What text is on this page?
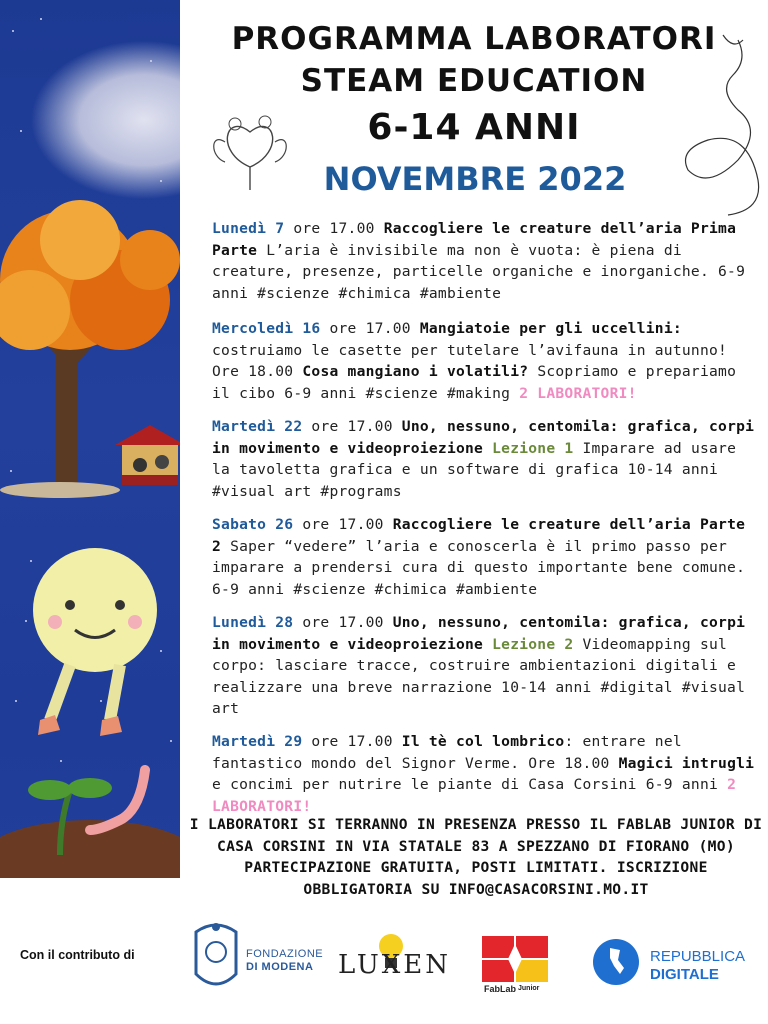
PROGRAMMA LABORATORI
STEAM EDUCATION
6-14 ANNI
NOVEMBRE 2022
Lunedì 7 ore 17.00 Raccogliere le creature dell’aria Prima Parte L’aria è invisibile ma non è vuota: è piena di creature, presenze, particelle organiche e inorganiche. 6-9 anni #scienze #chimica #ambiente
Mercoledì 16 ore 17.00 Mangiatoie per gli uccellini: costruiamo le casette per tutelare l’avifauna in autunno! Ore 18.00 Cosa mangiano i volatili? Scopriamo e prepariamo il cibo 6-9 anni #scienze #making 2 LABORATORI!
Martedì 22 ore 17.00 Uno, nessuno, centomila: grafica, corpi in movimento e videoproiezione Lezione 1 Imparare ad usare la tavoletta grafica e un software di grafica 10-14 anni #visual art #programs
Sabato 26 ore 17.00 Raccogliere le creature dell’aria Parte 2 Saper “vedere” l’aria e conoscerla è il primo passo per imparare a prendersi cura di questo importante bene comune. 6-9 anni #scienze #chimica #ambiente
Lunedì 28 ore 17.00 Uno, nessuno, centomila: grafica, corpi in movimento e videoproiezione Lezione 2 Videomapping sul corpo: lasciare tracce, costruire ambientazioni digitali e realizzare una breve narrazione 10-14 anni #digital #visual art
Martedì 29 ore 17.00 Il tè col lombrico: entrare nel fantastico mondo del Signor Verme. Ore 18.00 Magici intrugli e concimi per nutrire le piante di Casa Corsini 6-9 anni 2 LABORATORI!
I LABORATORI SI TERRANNO IN PRESENZA PRESSO IL FABLAB JUNIOR DI CASA CORSINI IN VIA STATALE 83 A SPEZZANO DI FIORANO (MO) PARTECIPAZIONE GRATUITA, POSTI LIMITATI. ISCRIZIONE OBBLIGATORIA SU INFO@CASACORSINI.MO.IT
Con il contributo di	FONDAZIONE
DI MODENA LUXEN
FabLab Junior
REPUBBLICA
DIGITALE
